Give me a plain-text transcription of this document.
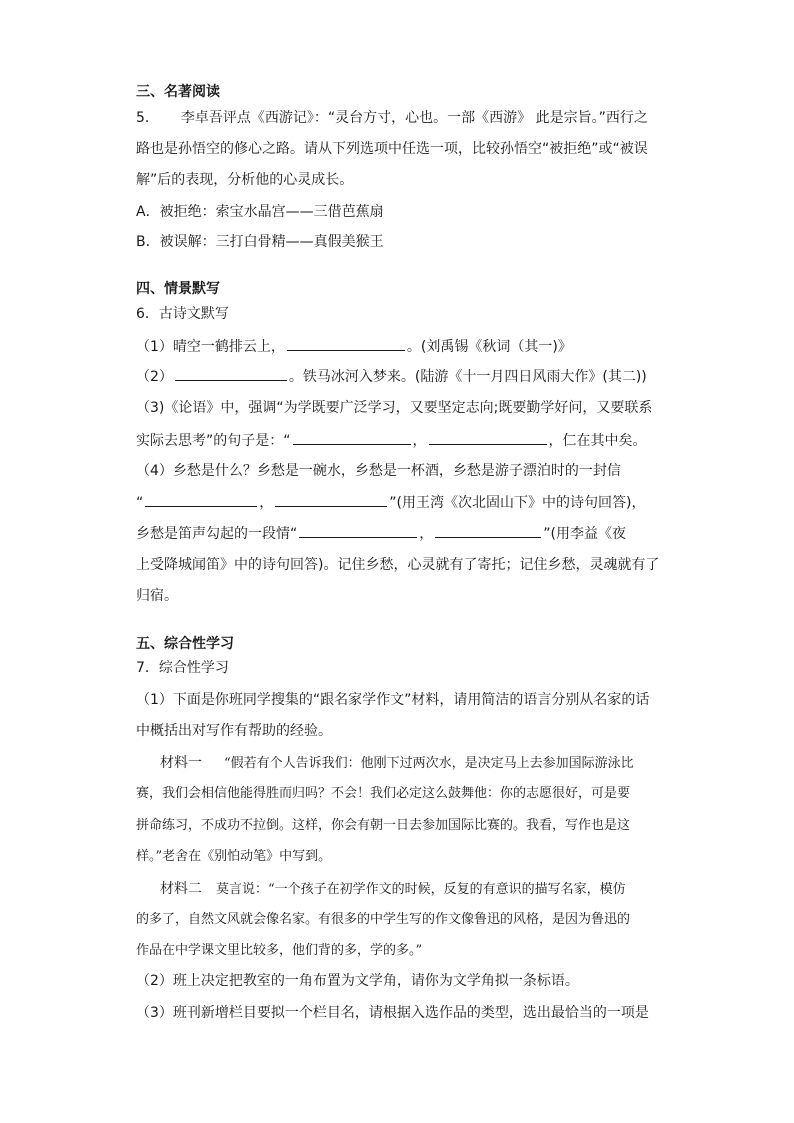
三、名著阅读
5． 李卓吾评点《西游记》：“灵台方寸，心也。一部《西游》 此是宗旨。”西行之
路也是孙悟空的修心之路。请从下列选项中任选一项，比较孙悟空“被拒绝”或“被误
解”后的表现，分析他的心灵成长。
A．被拒绝：索宝水晶宫——三借芭蕉扇
B．被误解：三打白骨精——真假美猴王
四、情景默写
6．古诗文默写
（1）晴空一鹤排云上，	。(刘禹锡《秋词（其一)》
（2）	。铁马冰河入梦来。(陆游《十一月四日风雨大作》(其二))
（3)《论语》中，强调“为学既要广泛学习，又要坚定志向;既要勤学好问，又要联系
实际去思考”的句子是：“	，	，仁在其中矣。
（4）乡愁是什么？乡愁是一碗水，乡愁是一杯酒，乡愁是游子漂泊时的一封信
“	，	”(用王湾《次北固山下》中的诗句回答)，
乡愁是笛声勾起的一段情“	，	”(用李益《夜
上受降城闻笛》中的诗句回答)。记住乡愁，心灵就有了寄托；记住乡愁，灵魂就有了
归宿。
五、综合性学习
7．综合性学习
（1）下面是你班同学搜集的“跟名家学作文”材料，请用简洁的语言分别从名家的话
中概括出对写作有帮助的经验。
材料一 “假若有个人告诉我们：他刚下过两次水，是决定马上去参加国际游泳比
赛，我们会相信他能得胜而归吗？不会！我们必定这么鼓舞他：你的志愿很好，可是要
拼命练习，不成功不拉倒。这样，你会有朝一日去参加国际比赛的。我看，写作也是这
样。”老舍在《别怕动笔》中写到。
材料二 莫言说：“一个孩子在初学作文的时候，反复的有意识的描写名家，模仿
的多了，自然文风就会像名家。有很多的中学生写的作文像鲁迅的风格，是因为鲁迅的
作品在中学课文里比较多，他们背的多，学的多。”
（2）班上决定把教室的一角布置为文学角，请你为文学角拟一条标语。
（3）班刊新增栏目要拟一个栏目名，请根据入选作品的类型，选出最恰当的一项是
